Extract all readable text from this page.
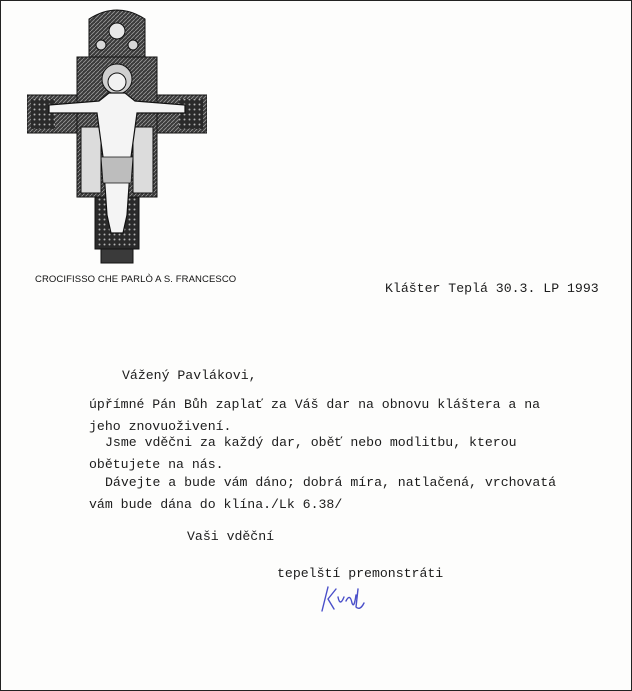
CROCIFISSO CHE PARLÒ A S. FRANCESCO
Klášter Teplá 30.3. LP 1993
Vážený Pavlákovi,
úpřímné Pán Bůh zaplať za Váš dar na obnovu kláštera a na
jeho znovuoživení.
Jsme vděčni za každý dar, oběť nebo modlitbu, kterou
obětujete na nás.
Dávejte a bude vám dáno; dobrá míra, natlačená, vrchovatá
vám bude dána do klína./Lk 6.38/
Vaši vděční
tepelští premonstráti
